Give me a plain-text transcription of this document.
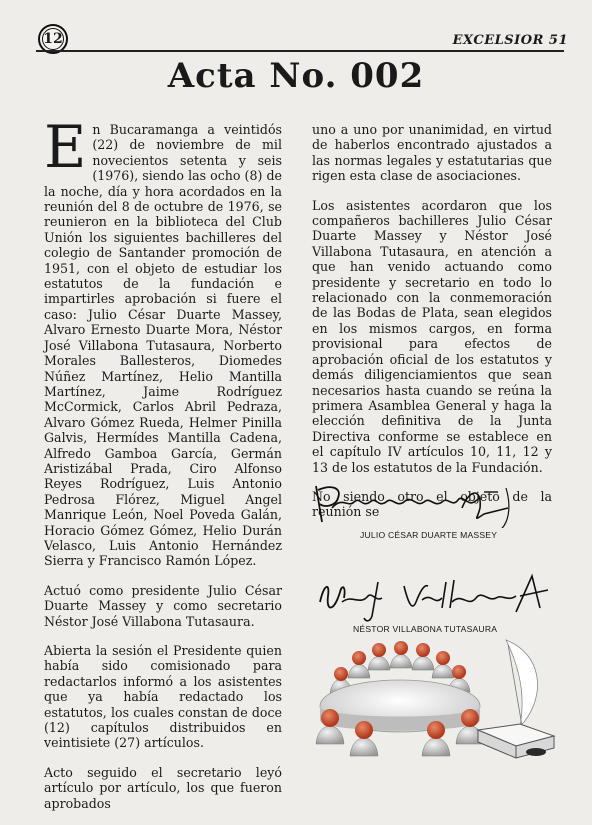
12	EXCELSIOR 51
Acta No. 002

En Bucaramanga a veintidós (22) de noviembre de mil novecientos setenta y seis (1976), siendo las ocho (8) de la noche, día y hora acordados en la reunión del 8 de octubre de 1976, se reunieron en la biblioteca del Club Unión los siguientes bachilleres del colegio de Santander promoción de 1951, con el objeto de estudiar los estatutos de la fundación e impartirles aprobación si fuere el caso: Julio César Duarte Massey, Alvaro Ernesto Duarte Mora, Néstor José Villabona Tutasaura, Norberto Morales Ballesteros, Diomedes Núñez Martínez, Helio Mantilla Martínez, Jaime Rodríguez McCormick, Carlos Abril Pedraza, Alvaro Gómez Rueda, Helmer Pinilla Galvis, Hermídes Mantilla Cadena, Alfredo Gamboa García, Germán Aristizábal Prada, Ciro Alfonso Reyes Rodríguez, Luis Antonio Pedrosa Flórez, Miguel Angel Manrique León, Noel Poveda Galán, Horacio Gómez Gómez, Helio Durán Velasco, Luis Antonio Hernández Sierra y Francisco Ramón López.

Actuó como presidente Julio César Duarte Massey y como secretario Néstor José Villabona Tutasaura.

Abierta la sesión el Presidente quien había sido comisionado para redactarlos informó a los asistentes que ya había redactado los estatutos, los cuales constan de doce (12) capítulos distribuidos en veintisiete (27) artículos.

Acto seguido el secretario leyó artículo por artículo, los que fueron aprobados

uno a uno por unanimidad, en virtud de haberlos encontrado ajustados a las normas legales y estatutarias que rigen esta clase de asociaciones.

Los asistentes acordaron que los compañeros bachilleres Julio César Duarte Massey y Néstor José Villabona Tutasaura, en atención a que han venido actuando como presidente y secretario en todo lo relacionado con la conmemoración de las Bodas de Plata, sean elegidos en los mismos cargos, en forma provisional para efectos de aprobación oficial de los estatutos y demás diligenciamientos que sean necesarios hasta cuando se reúna la primera Asamblea General y haga la elección definitiva de la Junta Directiva conforme se establece en el capítulo IV artículos 10, 11, 12 y 13 de los estatutos de la Fundación.

No siendo otro el objeto de la reunión se

JULIO CÉSAR DUARTE MASSEY
NÉSTOR VILLABONA TUTASAURA
